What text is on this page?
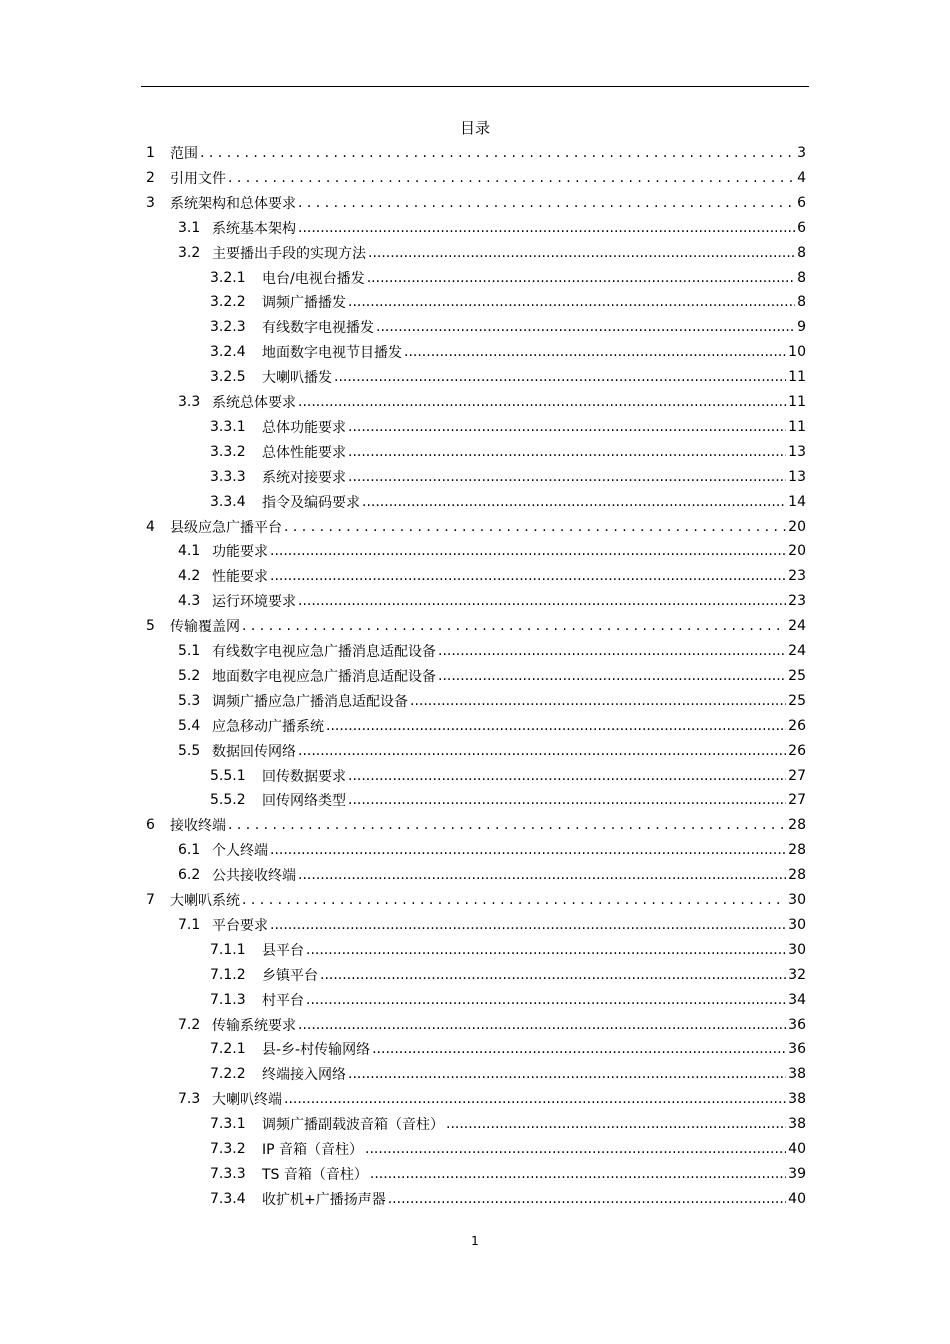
目录
1	范围 . . .	3
2	引用文件 . . .	4
3	系统架构和总体要求 . . .	6
3.1 系统基本架构 .....	6
3.2 主要播出手段的实现方法 .....	8
3.2.1	电台/电视台播发 .....	8
3.2.2	调频广播播发 .....	8
3.2.3	有线数字电视播发 .....	9
3.2.4	地面数字电视节目播发 .....	10
3.2.5	大喇叭播发 .....	11
3.3 系统总体要求 .....	11
3.3.1	总体功能要求 .....	11
3.3.2	总体性能要求 .....	13
3.3.3	系统对接要求 .....	13
3.3.4	指令及编码要求 .....	14
4	县级应急广播平台 . . .	20
4.1 功能要求 .....	20
4.2 性能要求 .....	23
4.3 运行环境要求 .....	23
5	传输覆盖网 . . .	24
5.1 有线数字电视应急广播消息适配设备 .....	24
5.2 地面数字电视应急广播消息适配设备 .....	25
5.3 调频广播应急广播消息适配设备 .....	25
5.4 应急移动广播系统 .....	26
5.5 数据回传网络 .....	26
5.5.1	回传数据要求 .....	27
5.5.2	回传网络类型 .....	27
6	接收终端 . . .	28
6.1 个人终端 .....	28
6.2 公共接收终端 .....	28
7	大喇叭系统 . . .	30
7.1 平台要求 .....	30
7.1.1	县平台 .....	30
7.1.2	乡镇平台 .....	32
7.1.3	村平台 .....	34
7.2 传输系统要求 .....	36
7.2.1	县-乡-村传输网络 .....	36
7.2.2	终端接入网络 .....	38
7.3 大喇叭终端 .....	38
7.3.1	调频广播副载波音箱（音柱） .....	38
7.3.2	IP 音箱（音柱） .....	40
7.3.3	TS 音箱（音柱） .....	39
7.3.4	收扩机+广播扬声器 .....	40
1
